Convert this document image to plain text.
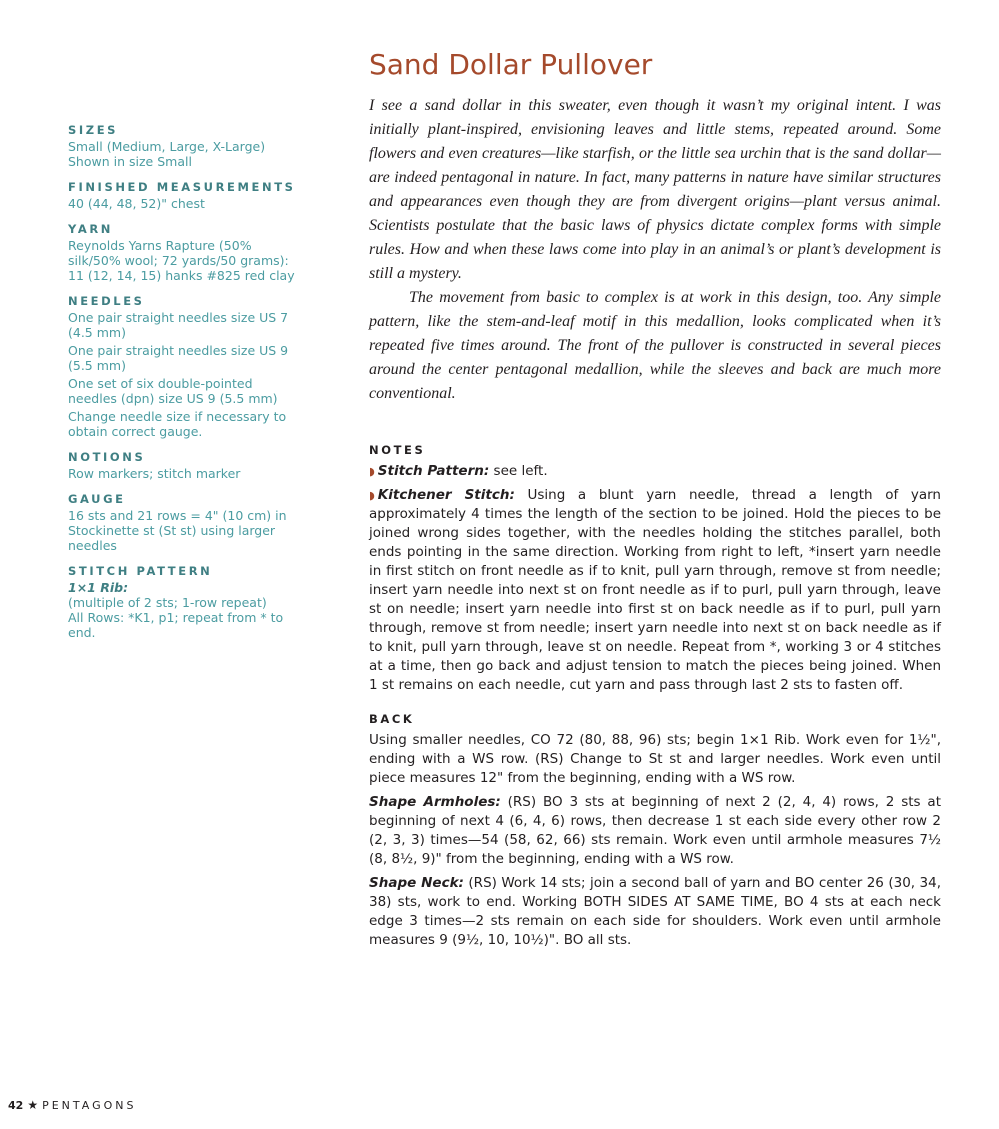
SIZES

Small (Medium, Large, X-Large)

Shown in size Small

FINISHED MEASUREMENTS

40 (44, 48, 52)" chest

YARN

Reynolds Yarns Rapture (50%

silk/50% wool; 72 yards/50 grams):

11 (12, 14, 15) hanks #825 red clay

NEEDLES

One pair straight needles size US 7

(4.5 mm)

One pair straight needles size US 9

(5.5 mm)

One set of six double-pointed

needles (dpn) size US 9 (5.5 mm)

Change needle size if necessary to

obtain correct gauge.

NOTIONS

Row markers; stitch marker

GAUGE

16 sts and 21 rows = 4" (10 cm) in

Stockinette st (St st) using larger

needles

STITCH PATTERN

1×1 Rib:

(multiple of 2 sts; 1-row repeat)

All Rows: *K1, p1; repeat from * to

end.

Sand Dollar Pullover

I see a sand dollar in this sweater, even though it wasn’t my original intent. I was initially plant-inspired, envisioning leaves and little stems, repeated around. Some flowers and even creatures—like starfish, or the little sea urchin that is the sand dollar—are indeed pentagonal in nature. In fact, many patterns in nature have similar structures and appearances even though they are from divergent origins—plant versus animal. Scientists postulate that the basic laws of physics dictate complex forms with simple rules. How and when these laws come into play in an animal’s or plant’s development is still a mystery.

The movement from basic to complex is at work in this design, too. Any simple pattern, like the stem-and-leaf motif in this medallion, looks complicated when it’s repeated five times around. The front of the pullover is constructed in several pieces around the center pentagonal medallion, while the sleeves and back are much more conventional.

NOTES

◗ Stitch Pattern: see left.

◗ Kitchener Stitch: Using a blunt yarn needle, thread a length of yarn approximately 4 times the length of the section to be joined. Hold the pieces to be joined wrong sides together, with the needles holding the stitches parallel, both ends pointing in the same direction. Working from right to left, *insert yarn needle in first stitch on front needle as if to knit, pull yarn through, remove st from needle; insert yarn needle into next st on front needle as if to purl, pull yarn through, leave st on needle; insert yarn needle into first st on back needle as if to purl, pull yarn through, remove st from needle; insert yarn needle into next st on back needle as if to knit, pull yarn through, leave st on needle. Repeat from *, working 3 or 4 stitches at a time, then go back and adjust tension to match the pieces being joined. When 1 st remains on each needle, cut yarn and pass through last 2 sts to fasten off.

BACK

Using smaller needles, CO 72 (80, 88, 96) sts; begin 1×1 Rib. Work even for 1½", ending with a WS row. (RS) Change to St st and larger needles. Work even until piece measures 12" from the beginning, ending with a WS row.

Shape Armholes: (RS) BO 3 sts at beginning of next 2 (2, 4, 4) rows, 2 sts at beginning of next 4 (6, 4, 6) rows, then decrease 1 st each side every other row 2 (2, 3, 3) times—54 (58, 62, 66) sts remain. Work even until armhole measures 7½ (8, 8½, 9)" from the beginning, ending with a WS row.

Shape Neck: (RS) Work 14 sts; join a second ball of yarn and BO center 26 (30, 34, 38) sts, work to end. Working BOTH SIDES AT SAME TIME, BO 4 sts at each neck edge 3 times—2 sts remain on each side for shoulders. Work even until armhole measures 9 (9½, 10, 10½)". BO all sts.

42 ★ PENTAGONS
